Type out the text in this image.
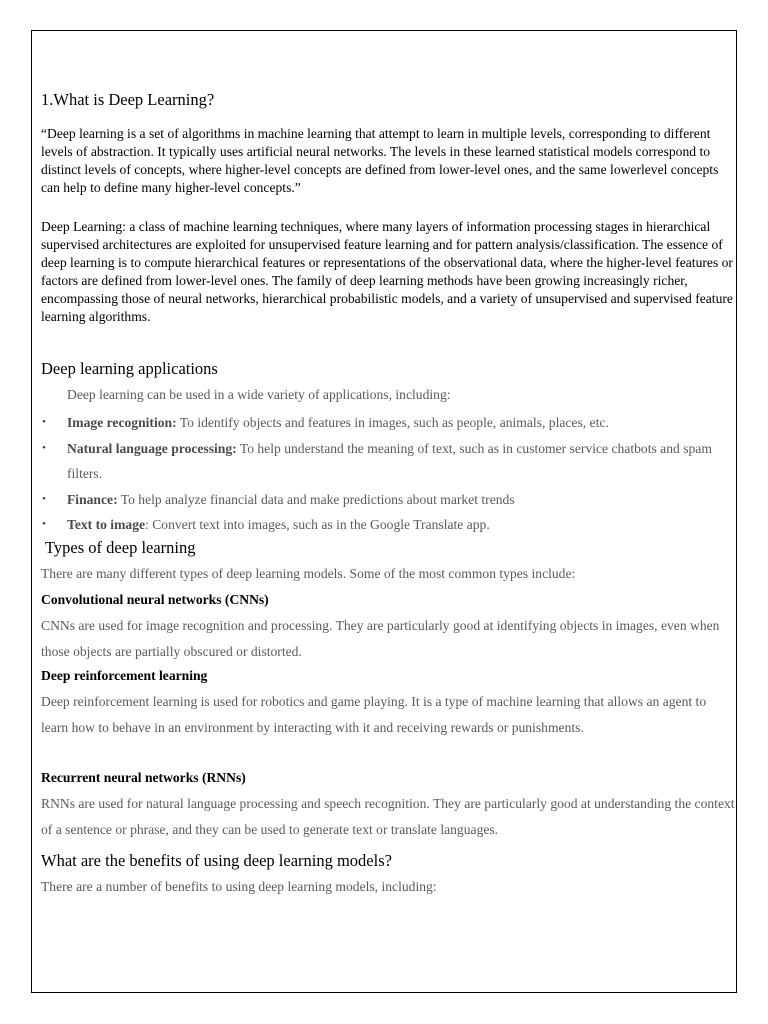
1.What is Deep Learning?

“Deep learning is a set of algorithms in machine learning that attempt to learn in multiple levels, corresponding to different levels of abstraction. It typically uses artificial neural networks. The levels in these learned statistical models correspond to distinct levels of concepts, where higher-level concepts are defined from lower-level ones, and the same lowerlevel concepts can help to define many higher-level concepts.”

Deep Learning: a class of machine learning techniques, where many layers of information processing stages in hierarchical supervised architectures are exploited for unsupervised feature learning and for pattern analysis/classification. The essence of deep learning is to compute hierarchical features or representations of the observational data, where the higher-level features or factors are defined from lower-level ones. The family of deep learning methods have been growing increasingly richer, encompassing those of neural networks, hierarchical probabilistic models, and a variety of unsupervised and supervised feature learning algorithms.

Deep learning applications

Deep learning can be used in a wide variety of applications, including:

• Image recognition: To identify objects and features in images, such as people, animals, places, etc.
• Natural language processing: To help understand the meaning of text, such as in customer service chatbots and spam filters.
• Finance: To help analyze financial data and make predictions about market trends
• Text to image: Convert text into images, such as in the Google Translate app.
Types of deep learning

There are many different types of deep learning models. Some of the most common types include:

Convolutional neural networks (CNNs)

CNNs are used for image recognition and processing. They are particularly good at identifying objects in images, even when those objects are partially obscured or distorted.

Deep reinforcement learning

Deep reinforcement learning is used for robotics and game playing. It is a type of machine learning that allows an agent to learn how to behave in an environment by interacting with it and receiving rewards or punishments.

Recurrent neural networks (RNNs)

RNNs are used for natural language processing and speech recognition. They are particularly good at understanding the context of a sentence or phrase, and they can be used to generate text or translate languages.

What are the benefits of using deep learning models?

There are a number of benefits to using deep learning models, including:
